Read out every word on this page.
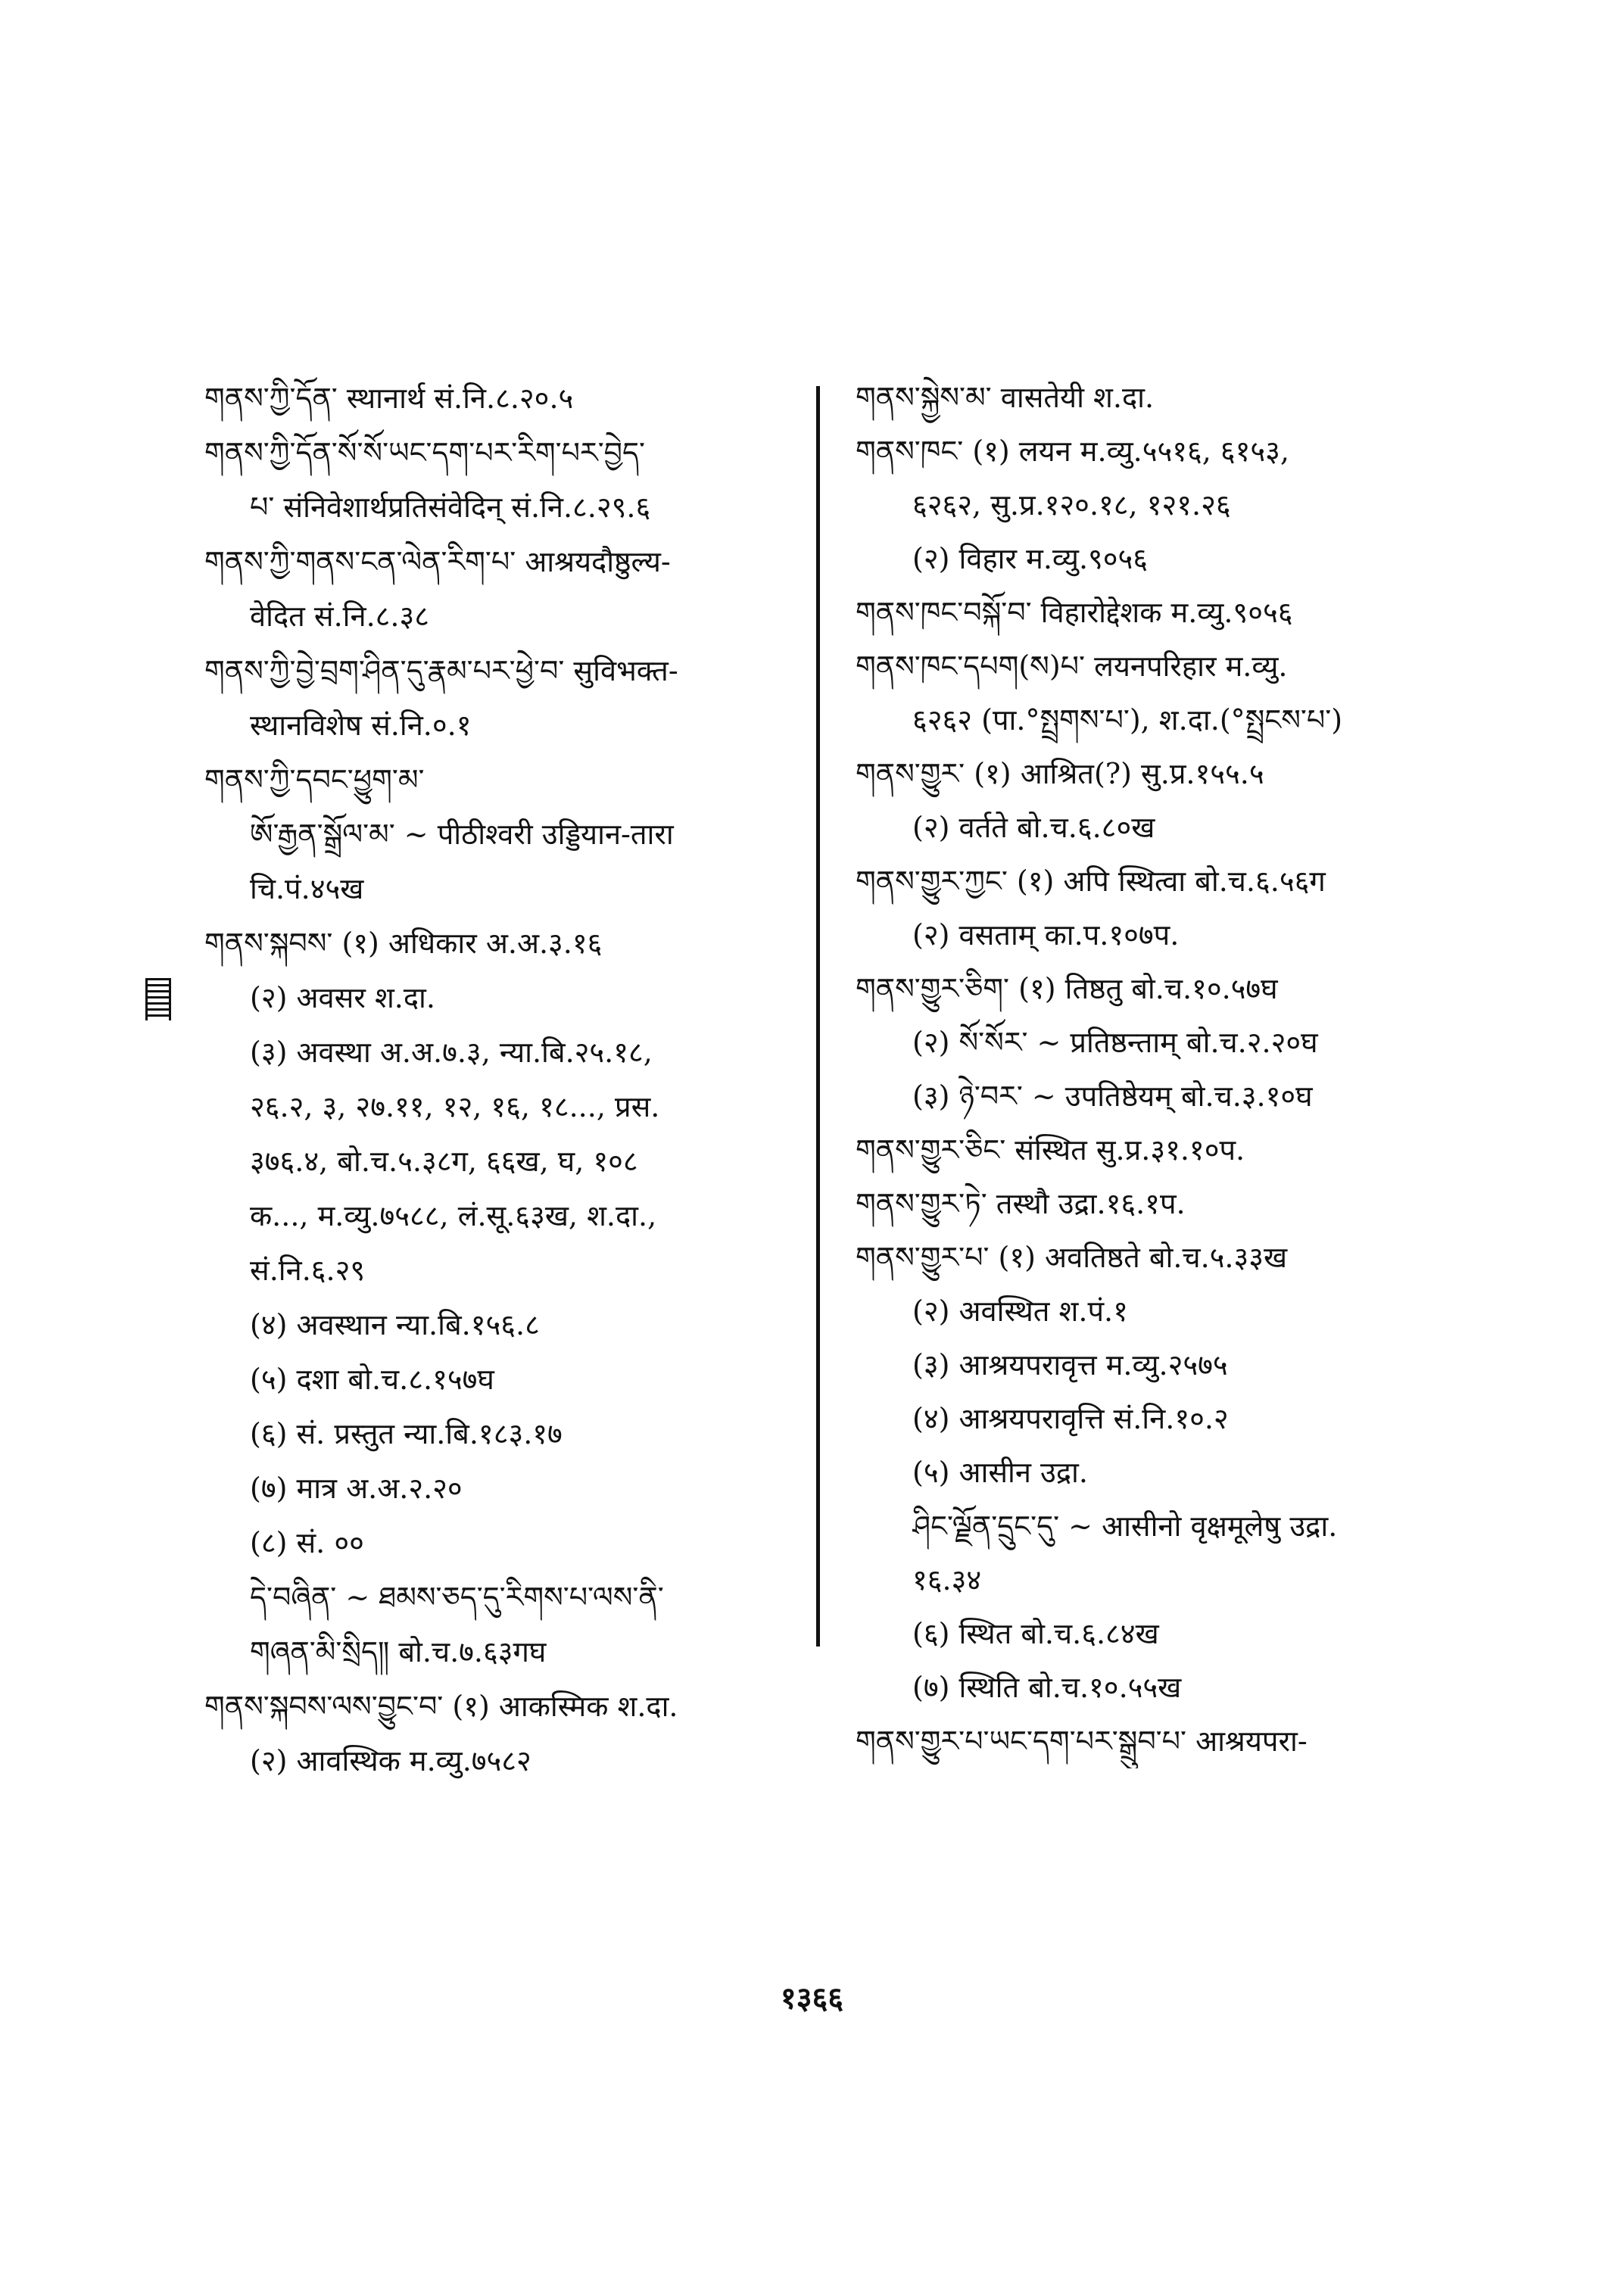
གནས་ཀྱི་དོན་ स्थानार्थ सं.नि.८.२०.५
གནས་ཀྱི་དོན་སོ་སོ་ཡང་དག་པར་རིག་པར་བྱེད་
པ་ संनिवेशार्थप्रतिसंवेदिन् सं.नि.८.२९.६
གནས་ཀྱི་གནས་ངན་ལེན་རིག་པ་ आश्रयदौष्ठुल्य-
वेदित सं.नि.८.३८
གནས་ཀྱི་བྱེ་བྲག་ཤིན་དུ་རྣམ་པར་ཕྱེ་བ་ सुविभक्त-
स्थानविशेष सं.नि.०.१
གནས་ཀྱི་དབང་ཕྱུག་མ་
ཨོ་རྒྱན་སྒྲོལ་མ་ ~ पीठीश्वरी उड्डियान-तारा
चि.पं.४५ख
གནས་སྐབས་ (१) अधिकार अ.अ.३.१६
(२) अवसर श.दा.
(३) अवस्था अ.अ.७.३, न्या.बि.२५.१८,
२६.२, ३, २७.११, १२, १६, १८..., प्रस.
३७६.४, बो.च.५.३८ग, ६६ख, घ, १०८
क..., म.व्यु.७५८८, लं.सू.६३ख, श.दा.,
सं.नि.६.२९
(४) अवस्थान न्या.बि.१५६.८
(५) दशा बो.च.८.१५७घ
(६) सं. प्रस्तुत न्या.बि.१८३.१७
(७) मात्र अ.अ.२.२०
(८) सं. ००
དེ་བཞིན་ ~ ཐམས་ཅད་དུ་རིགས་པ་ལས་ནི་
གཞན་མི་སྲིད༎ बो.च.७.६३गघ
གནས་སྐབས་ལས་བྱུང་བ་ (१) आकस्मिक श.दा.
(२) आवस्थिक म.व्यु.७५८२
གནས་སྐྱེས་མ་ वासतेयी श.दा.
གནས་ཁང་ (१) लयन म.व्यु.५५१६, ६१५३,
६२६२, सु.प्र.१२०.१८, १२१.२६
(२) विहार म.व्यु.९०५६
གནས་ཁང་བསྐོ་བ་ विहारोद्देशक म.व्यु.९०५६
གནས་ཁང་དཔག(ས)པ་ लयनपरिहार म.व्यु.
६२६२ (पा.°སྤྲགས་པ་), श.दा.(°སྤྲངས་པ་)
གནས་གྱུར་ (१) आश्रित(?) सु.प्र.१५५.५
(२) वर्तते बो.च.६.८०ख
གནས་གྱུར་ཀྱང་ (१) अपि स्थित्वा बो.च.६.५६ग
(२) वसताम् का.प.१०७प.
གནས་གྱུར་ཅིག་ (१) तिष्ठतु बो.च.१०.५७घ
(२) སོ་སོར་ ~ प्रतिष्ठन्ताम् बो.च.२.२०घ
(३) ཉེ་བར་ ~ उपतिष्ठेयम् बो.च.३.१०घ
གནས་གྱུར་ཅིང་ संस्थित सु.प्र.३१.१०प.
གནས་གྱུར་ཏེ་ तस्थौ उद्रा.१६.१प.
གནས་གྱུར་པ་ (१) अवतिष्ठते बो.च.५.३३ख
(२) अवस्थित श.पं.१
(३) आश्रयपरावृत्त म.व्यु.२५७५
(४) आश्रयपरावृत्ति सं.नि.१०.२
(५) आसीन उद्रा.
ཤིང་ལྗོན་དྲུང་དུ་ ~ आसीनो वृक्षमूलेषु उद्रा.
१६.३४
(६) स्थित बो.च.६.८४ख
(७) स्थिति बो.च.१०.५५ख
གནས་གྱུར་པ་ཡང་དག་པར་སྒྲུབ་པ་ आश्रयपरा-
१३६६
